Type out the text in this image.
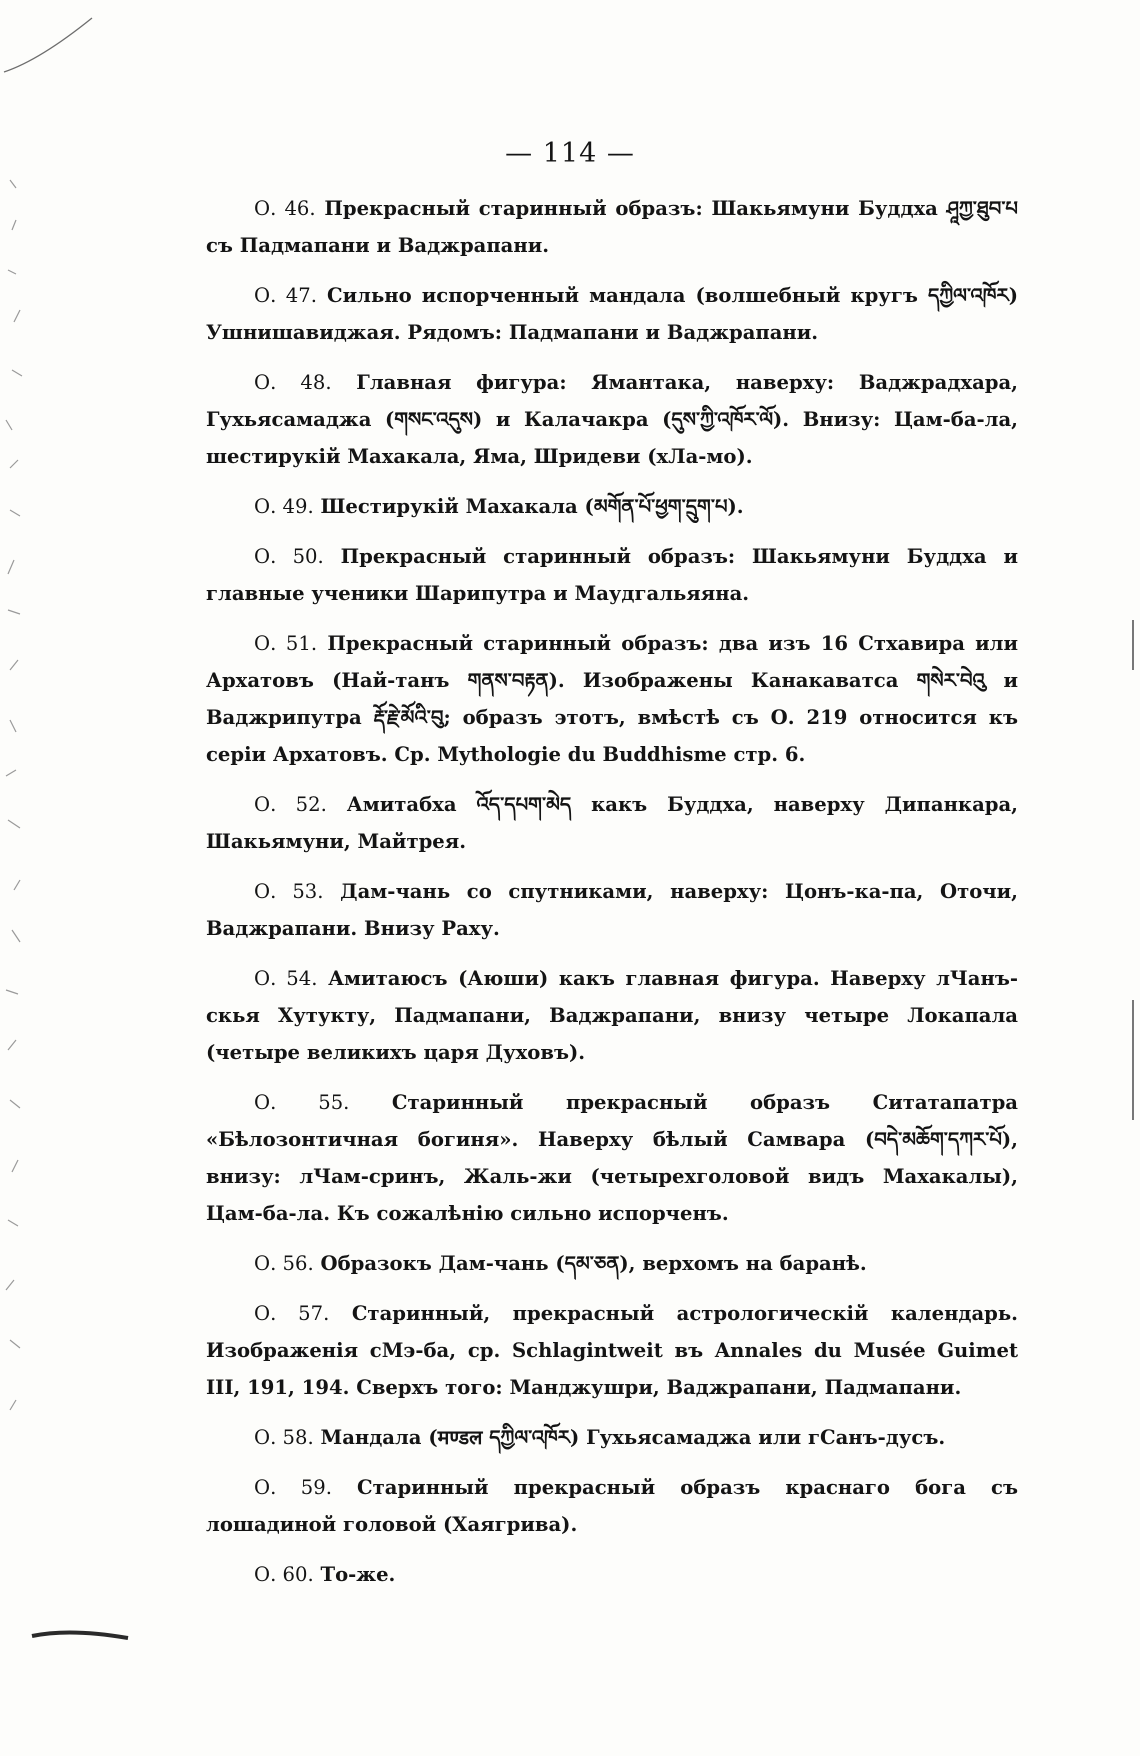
— 114 —

О. 46. Прекрасный старинный образъ: Шакьямуни Буддха ཤཱཀྱ་ཐུབ་པ съ Падмапани и Ваджрапани.

О. 47. Сильно испорченный мандала (волшебный кругъ དཀྱིལ་འཁོར) Ушнишавиджая. Рядомъ: Падмапани и Ваджрапани.

О. 48. Главная фигура: Ямантака, наверху: Ваджрадхара, Гухьясамаджа (གསང་འདུས) и Калачакра (དུས་ཀྱི་འཁོར་ལོ). Внизу: Цам-ба-ла, шестирукій Махакала, Яма, Шридеви (хЛа-мо).

О. 49. Шестирукій Махакала (མགོན་པོ་ཕྱག་དྲུག་པ).

О. 50. Прекрасный старинный образъ: Шакьямуни Буддха и главные ученики Шарипутра и Маудгальяяна.

О. 51. Прекрасный старинный образъ: два изъ 16 Стхавира или Архатовъ (Най-танъ གནས་བརྟན). Изображены Канакаватса གསེར་བེའུ и Ваджрипутра རྡོ་རྗེ་མོའི་བུ; образъ этотъ, вмѣстѣ съ О. 219 относится къ серіи Архатовъ. Ср. Mythologie du Buddhisme стр. 6.

О. 52. Амитабха འོད་དཔག་མེད какъ Буддха, наверху Дипанкара, Шакьямуни, Майтрея.

О. 53. Дам-чань со спутниками, наверху: Цонъ-ка-па, Оточи, Ваджрапани. Внизу Раху.

О. 54. Амитаюсъ (Аюши) какъ главная фигура. Наверху лЧанъ-скья Хутукту, Падмапани, Ваджрапани, внизу четыре Локапала (четыре великихъ царя Духовъ).

О. 55. Старинный прекрасный образъ Ситатапатра «Бѣлозонтичная богиня». Наверху бѣлый Самвара (བདེ་མཆོག་དཀར་པོ), внизу: лЧам-сринъ, Жаль-жи (четырехголовой видъ Махакалы), Цам-ба-ла. Къ сожалѣнію сильно испорченъ.

О. 56. Образокъ Дам-чань (དམ་ཅན), верхомъ на баранѣ.

О. 57. Старинный, прекрасный астрологическій календарь. Изображенія сМэ-ба, ср. Schlagintweit въ Annales du Musée Guimet III, 191, 194. Сверхъ того: Манджушри, Ваджрапани, Падмапани.

О. 58. Мандала (मण्डल དཀྱིལ་འཁོར) Гухьясамаджа или гСанъ-дусъ.

О. 59. Старинный прекрасный образъ краснаго бога съ лошадиной головой (Хаягрива).

О. 60. То-же.
